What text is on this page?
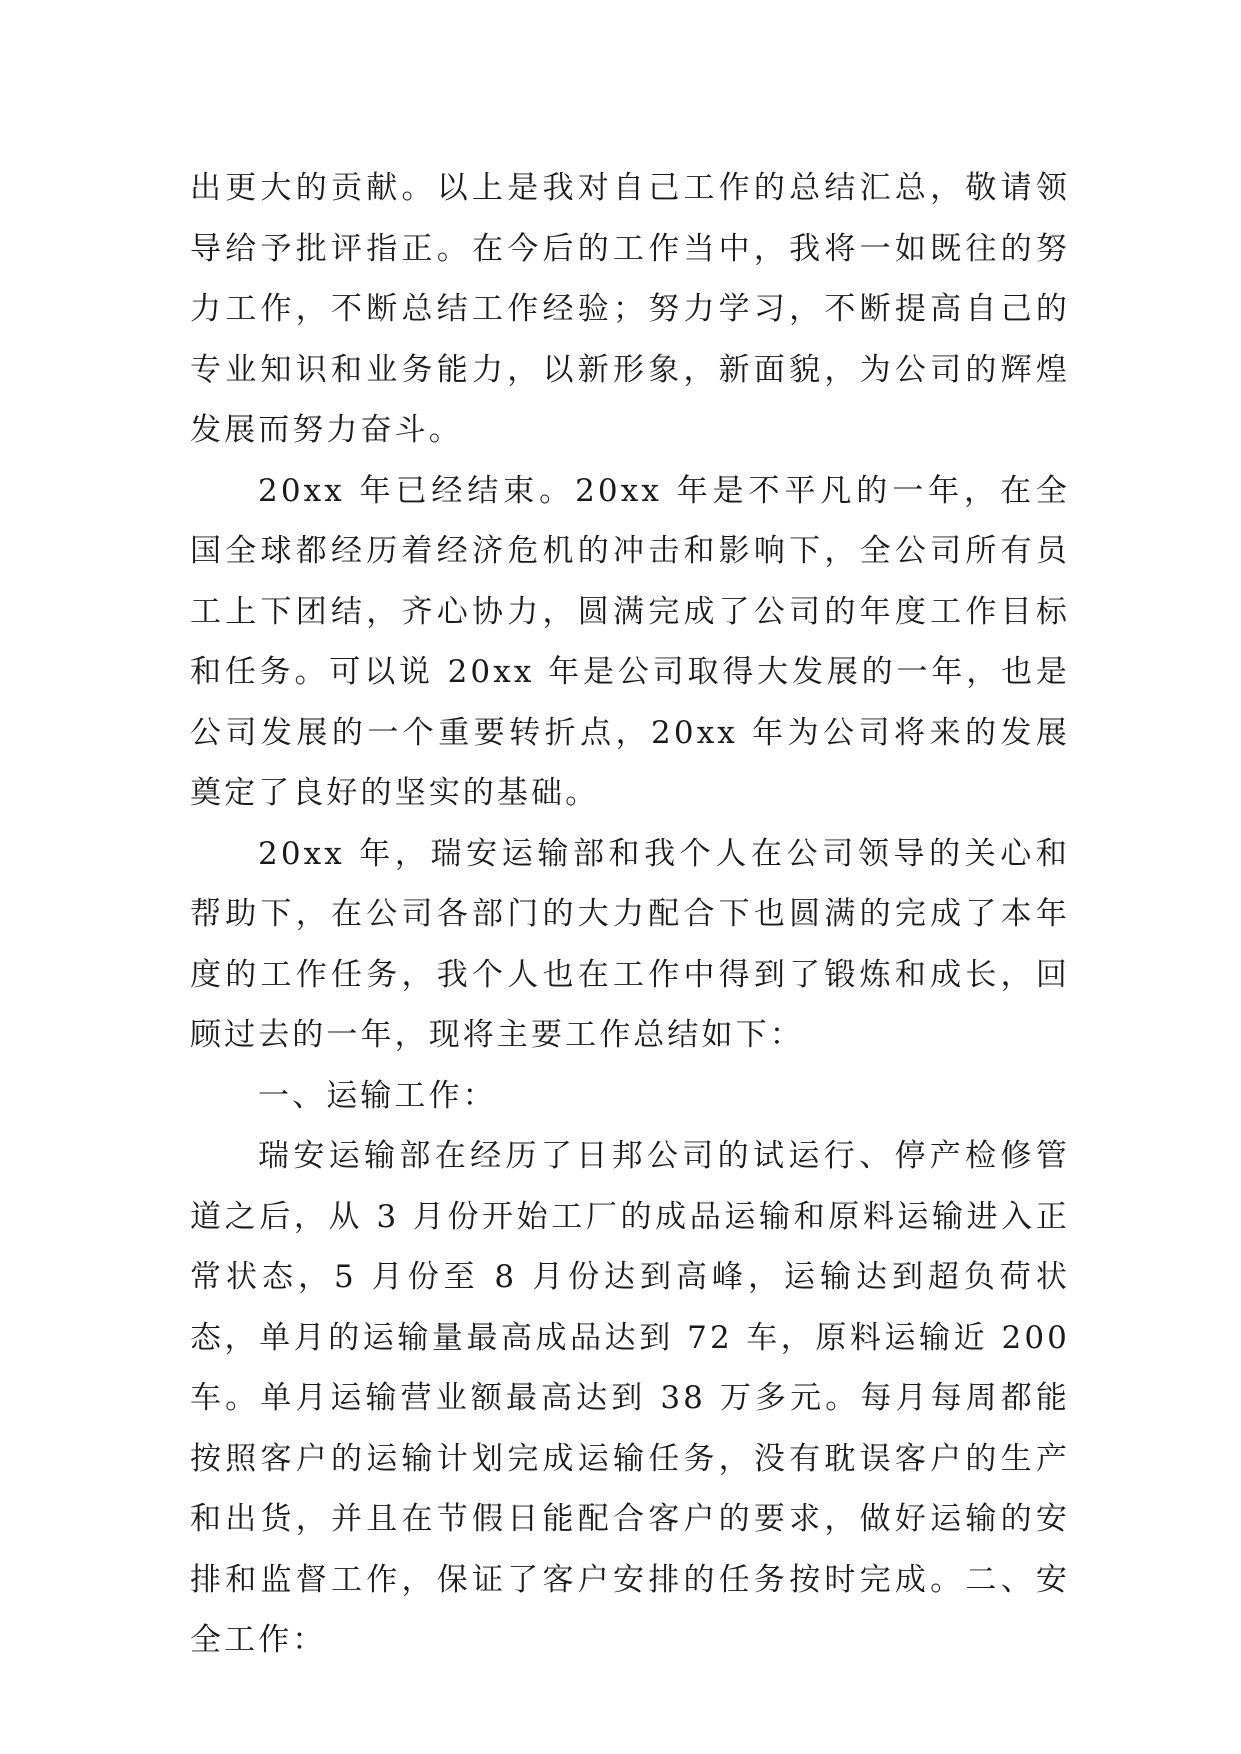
出更大的贡献。以上是我对自己工作的总结汇总，敬请领导给予批评指正。在今后的工作当中，我将一如既往的努力工作，不断总结工作经验；努力学习，不断提高自己的专业知识和业务能力，以新形象，新面貌，为公司的辉煌发展而努力奋斗。

20xx 年已经结束。20xx 年是不平凡的一年，在全国全球都经历着经济危机的冲击和影响下，全公司所有员工上下团结，齐心协力，圆满完成了公司的年度工作目标和任务。可以说 20xx 年是公司取得大发展的一年，也是公司发展的一个重要转折点，20xx 年为公司将来的发展奠定了良好的坚实的基础。

20xx 年，瑞安运输部和我个人在公司领导的关心和帮助下，在公司各部门的大力配合下也圆满的完成了本年度的工作任务，我个人也在工作中得到了锻炼和成长，回顾过去的一年，现将主要工作总结如下：

一、运输工作：

瑞安运输部在经历了日邦公司的试运行、停产检修管道之后，从 3 月份开始工厂的成品运输和原料运输进入正常状态，5 月份至 8 月份达到高峰，运输达到超负荷状态，单月的运输量最高成品达到 72 车，原料运输近 200 车。单月运输营业额最高达到 38 万多元。每月每周都能按照客户的运输计划完成运输任务，没有耽误客户的生产和出货，并且在节假日能配合客户的要求，做好运输的安排和监督工作，保证了客户安排的任务按时完成。二、安全工作：
